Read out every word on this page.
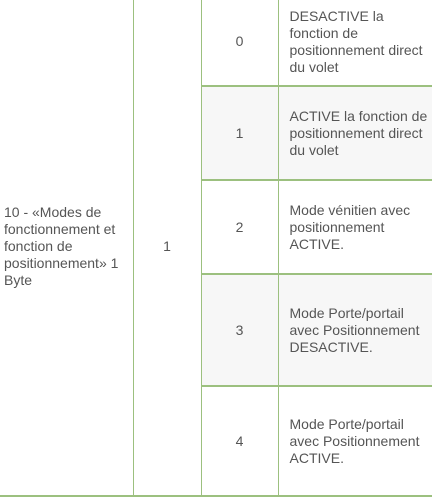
10 - «Modes de fonctionnement et fonction de positionnement» 1 Byte	1	0	DESACTIVE la fonction de positionnement direct du volet

		1	ACTIVE la fonction de positionnement direct du volet

		2	Mode vénitien avec positionnement ACTIVE.

		3	Mode Porte/portail avec Positionnement DESACTIVE.

		4	Mode Porte/portail avec Positionnement ACTIVE.
